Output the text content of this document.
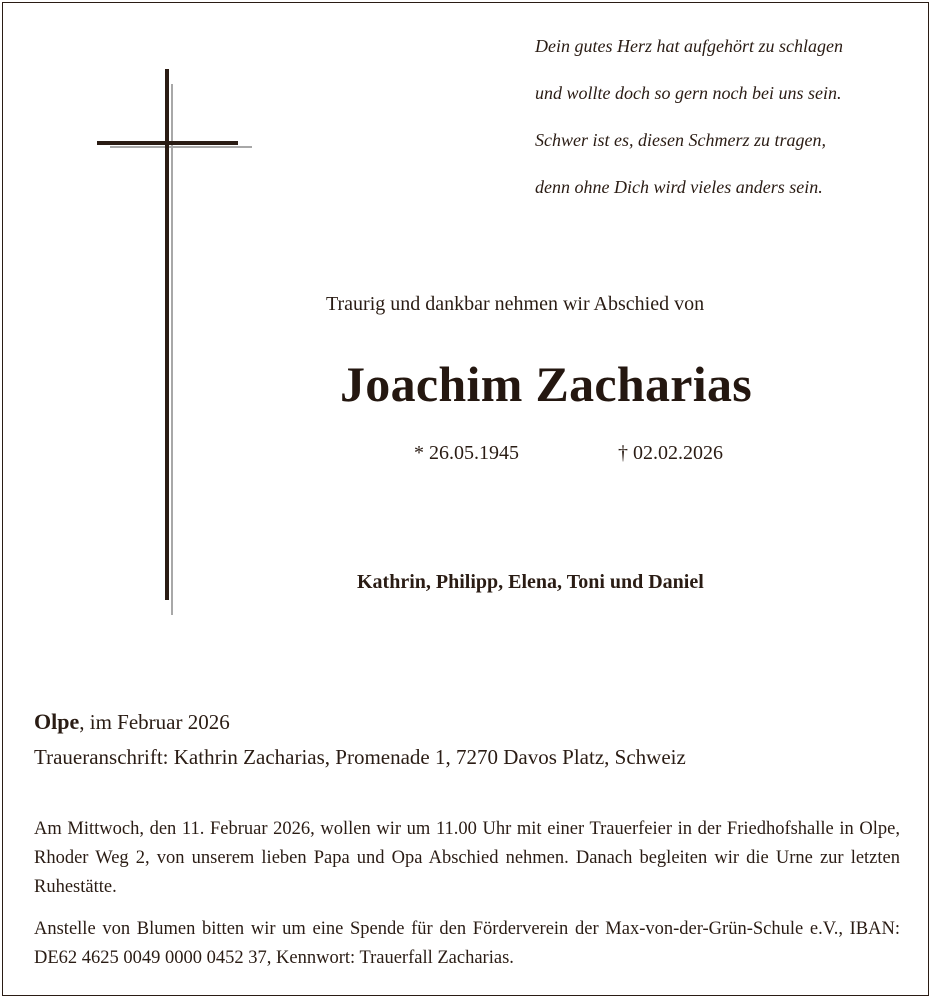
Dein gutes Herz hat aufgehört zu schlagen
und wollte doch so gern noch bei uns sein.
Schwer ist es, diesen Schmerz zu tragen,
denn ohne Dich wird vieles anders sein.
Traurig und dankbar nehmen wir Abschied von
Joachim Zacharias
* 26.05.1945	† 02.02.2026
Kathrin, Philipp, Elena, Toni und Daniel
Olpe, im Februar 2026
Traueranschrift: Kathrin Zacharias, Promenade 1, 7270 Davos Platz, Schweiz
Am Mittwoch, den 11. Februar 2026, wollen wir um 11.00 Uhr mit einer Trauerfeier in der Friedhofshalle in Olpe, Rhoder Weg 2, von unserem lieben Papa und Opa Abschied nehmen. Danach begleiten wir die Urne zur letzten Ruhestätte.
Anstelle von Blumen bitten wir um eine Spende für den Förderverein der Max-von-der-Grün-Schule e.V., IBAN: DE62 4625 0049 0000 0452 37, Kennwort: Trauerfall Zacharias.
